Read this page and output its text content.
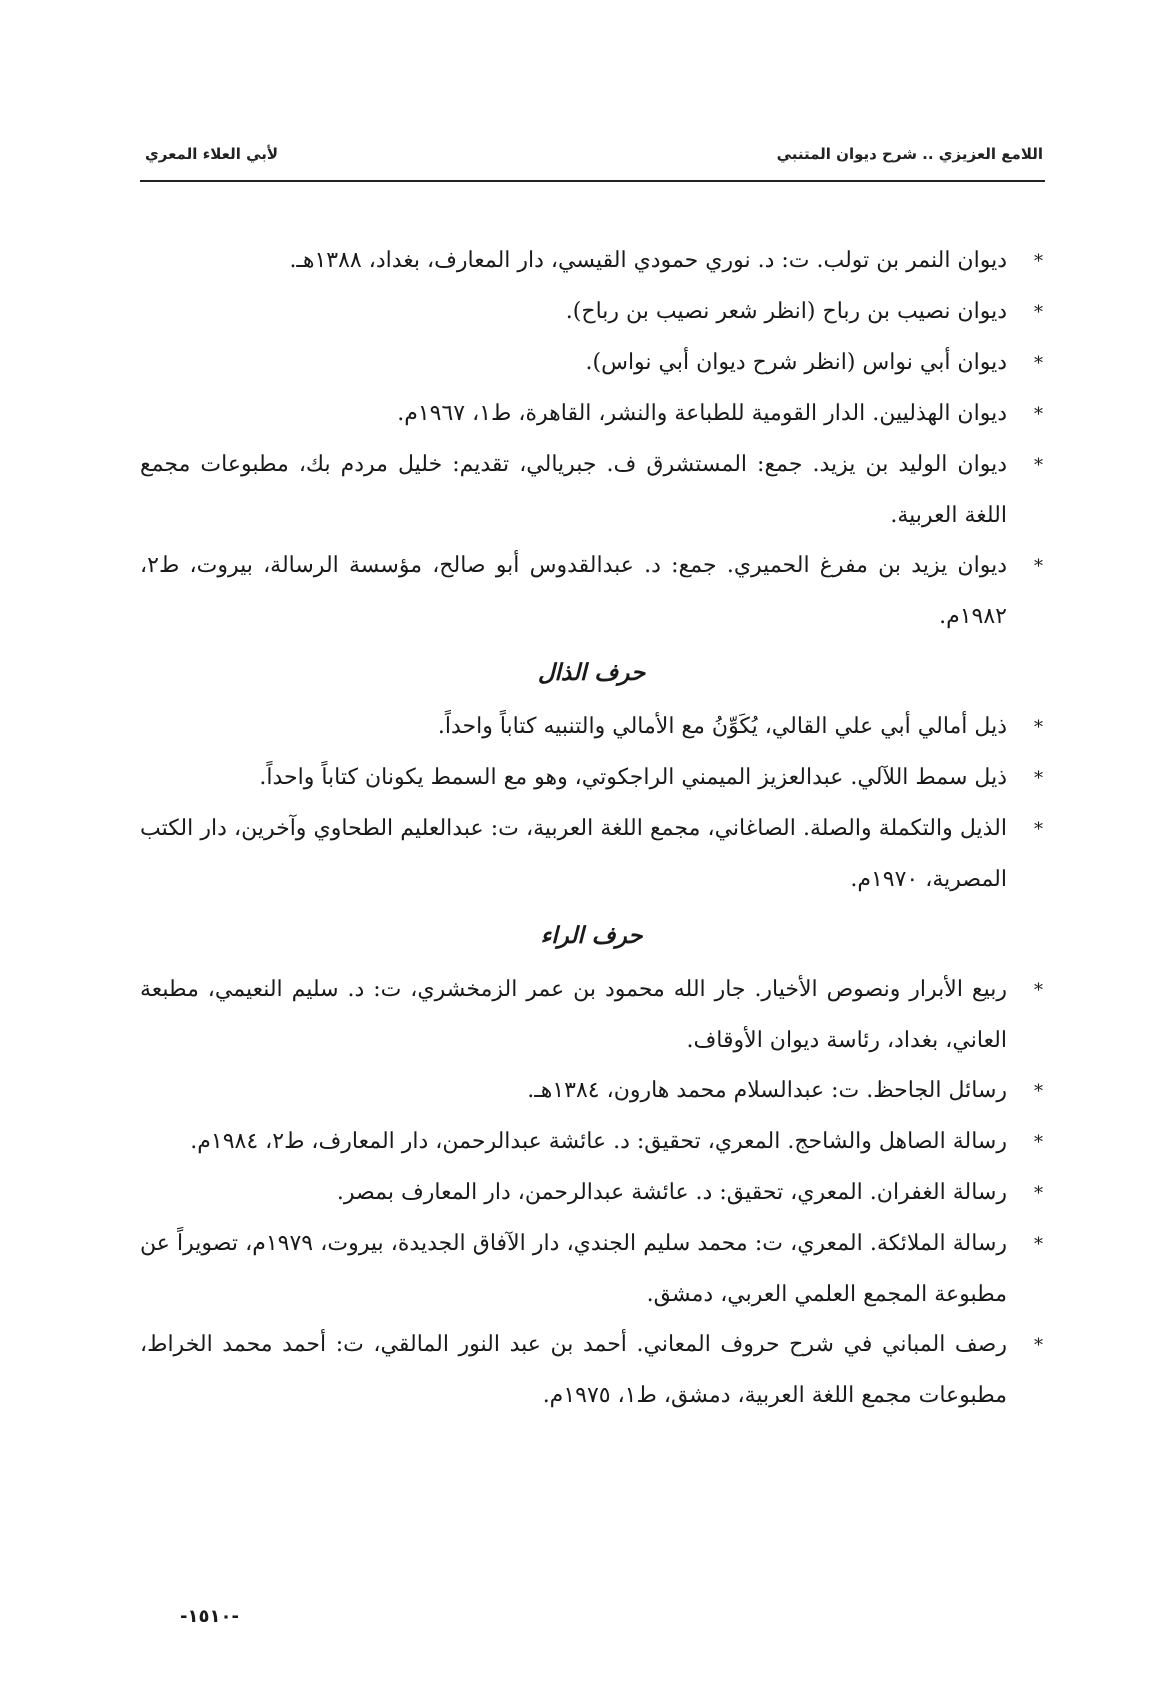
اللامع العزيزي .. شرح ديوان المتنبي
لأبي العلاء المعري

*ديوان النمر بن تولب. ت: د. نوري حمودي القيسي، دار المعارف، بغداد، ١٣٨٨هـ.

*ديوان نصيب بن رباح (انظر شعر نصيب بن رباح).

*ديوان أبي نواس (انظر شرح ديوان أبي نواس).

*ديوان الهذليين. الدار القومية للطباعة والنشر، القاهرة، ط١، ١٩٦٧م.

*ديوان الوليد بن يزيد. جمع: المستشرق ف. جبريالي، تقديم: خليل مردم بك، مطبوعات مجمع اللغة العربية.

*ديوان يزيد بن مفرغ الحميري. جمع: د. عبدالقدوس أبو صالح، مؤسسة الرسالة، بيروت، ط٢، ١٩٨٢م.

حرف الذال

*ذيل أمالي أبي علي القالي، يُكَوِّنُ مع الأمالي والتنبيه كتاباً واحداً.

*ذيل سمط اللآلي. عبدالعزيز الميمني الراجكوتي، وهو مع السمط يكونان كتاباً واحداً.

*الذيل والتكملة والصلة. الصاغاني، مجمع اللغة العربية، ت: عبدالعليم الطحاوي وآخرين، دار الكتب المصرية، ١٩٧٠م.

حرف الراء

*ربيع الأبرار ونصوص الأخيار. جار الله محمود بن عمر الزمخشري، ت: د. سليم النعيمي، مطبعة العاني، بغداد، رئاسة ديوان الأوقاف.

*رسائل الجاحظ. ت: عبدالسلام محمد هارون، ١٣٨٤هـ.

*رسالة الصاهل والشاحج. المعري، تحقيق: د. عائشة عبدالرحمن، دار المعارف، ط٢، ١٩٨٤م.

*رسالة الغفران. المعري، تحقيق: د. عائشة عبدالرحمن، دار المعارف بمصر.

*رسالة الملائكة. المعري، ت: محمد سليم الجندي، دار الآفاق الجديدة، بيروت، ١٩٧٩م، تصويراً عن مطبوعة المجمع العلمي العربي، دمشق.

*رصف المباني في شرح حروف المعاني. أحمد بن عبد النور المالقي، ت: أحمد محمد الخراط، مطبوعات مجمع اللغة العربية، دمشق، ط١، ١٩٧٥م.

-١٥١٠-
